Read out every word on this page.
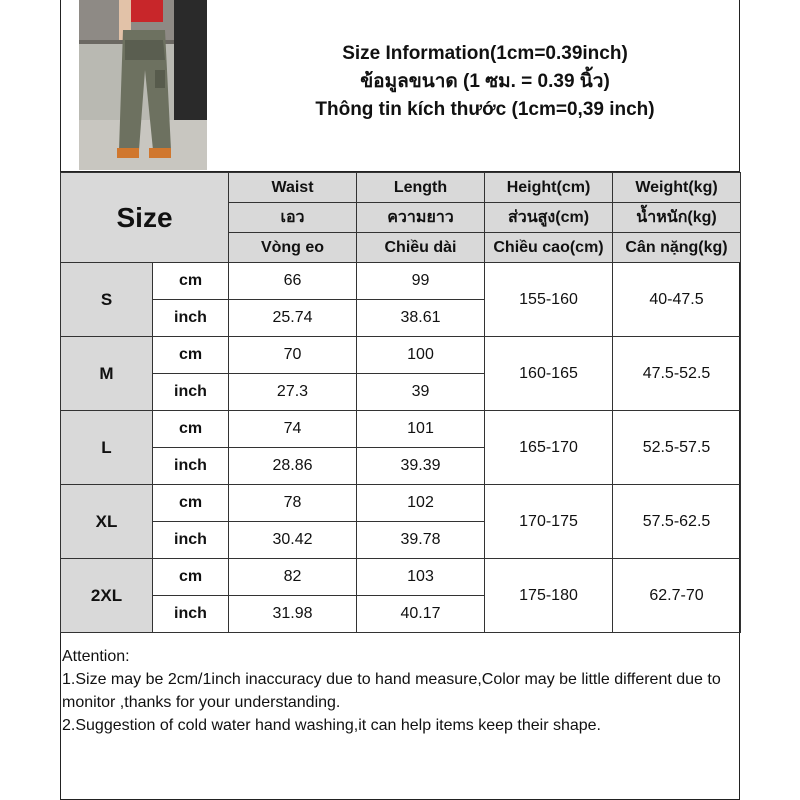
Size Information(1cm=0.39inch)
ข้อมูลขนาด (1 ซม. = 0.39 นิ้ว)
Thông tin kích thước (1cm=0,39 inch)
Size		Waist	Length	Height(cm)	Weight(kg)
		เอว	ความยาว	ส่วนสูง(cm)	น้ำหนัก(kg)
		Vòng eo	Chiều dài	Chiều cao(cm)	Cân nặng(kg)
S	cm	66	99	155-160	40-47.5
	inch	25.74	38.61		
M	cm	70	100	160-165	47.5-52.5
	inch	27.3	39		
L	cm	74	101	165-170	52.5-57.5
	inch	28.86	39.39		
XL	cm	78	102	170-175	57.5-62.5
	inch	30.42	39.78		
2XL	cm	82	103	175-180	62.7-70
	inch	31.98	40.17		
Attention:
1.Size may be 2cm/1inch inaccuracy due to hand measure,Color may be little different due to monitor ,thanks for your understanding.
2.Suggestion of cold water hand washing,it can help items keep their shape.
